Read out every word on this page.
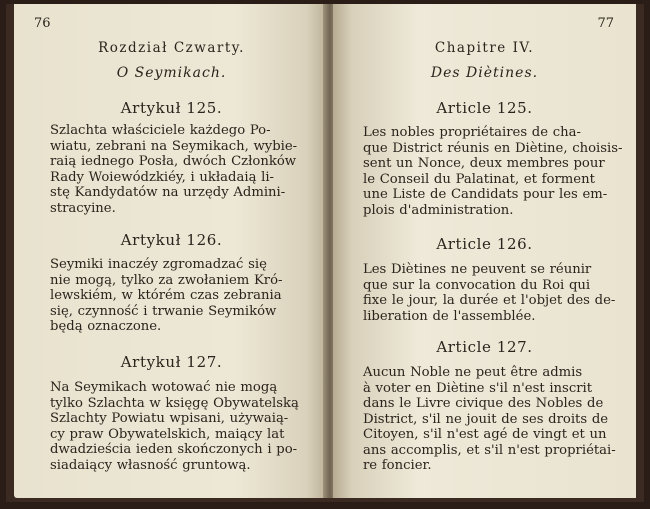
76
Rozdział Czwarty.
O Seymikach.
Artykuł 125.
Szlachta właściciele każdego Po-
wiatu, zebrani na Seymikach, wybie-
raią iednego Posła, dwóch Członków
Rady Woiewódzkiéy, i układaią li-
stę Kandydatów na urzędy Admini-
stracyine.
Artykuł 126.
Seymiki inaczéy zgromadzać się
nie mogą, tylko za zwołaniem Kró-
lewskiém, w którém czas zebrania
się, czynność i trwanie Seymików
będą oznaczone.
Artykuł 127.
Na Seymikach wotować nie mogą
tylko Szlachta w księgę Obywatelską
Szlachty Powiatu wpisani, używaią-
cy praw Obywatelskich, maiący lat
dwadzieścia ieden skończonych i po-
siadaiący własność gruntową.
77
Chapitre IV.
Des Diètines.
Article 125.
Les nobles propriétaires de cha-
que District réunis en Diètine, choisis-
sent un Nonce, deux membres pour
le Conseil du Palatinat, et forment
une Liste de Candidats pour les em-
plois d'administration.
Article 126.
Les Diètines ne peuvent se réunir
que sur la convocation du Roi qui
fixe le jour, la durée et l'objet des de-
liberation de l'assemblée.
Article 127.
Aucun Noble ne peut être admis
à voter en Diètine s'il n'est inscrit
dans le Livre civique des Nobles de
District, s'il ne jouit de ses droits de
Citoyen, s'il n'est agé de vingt et un
ans accomplis, et s'il n'est propriétai-
re foncier.
